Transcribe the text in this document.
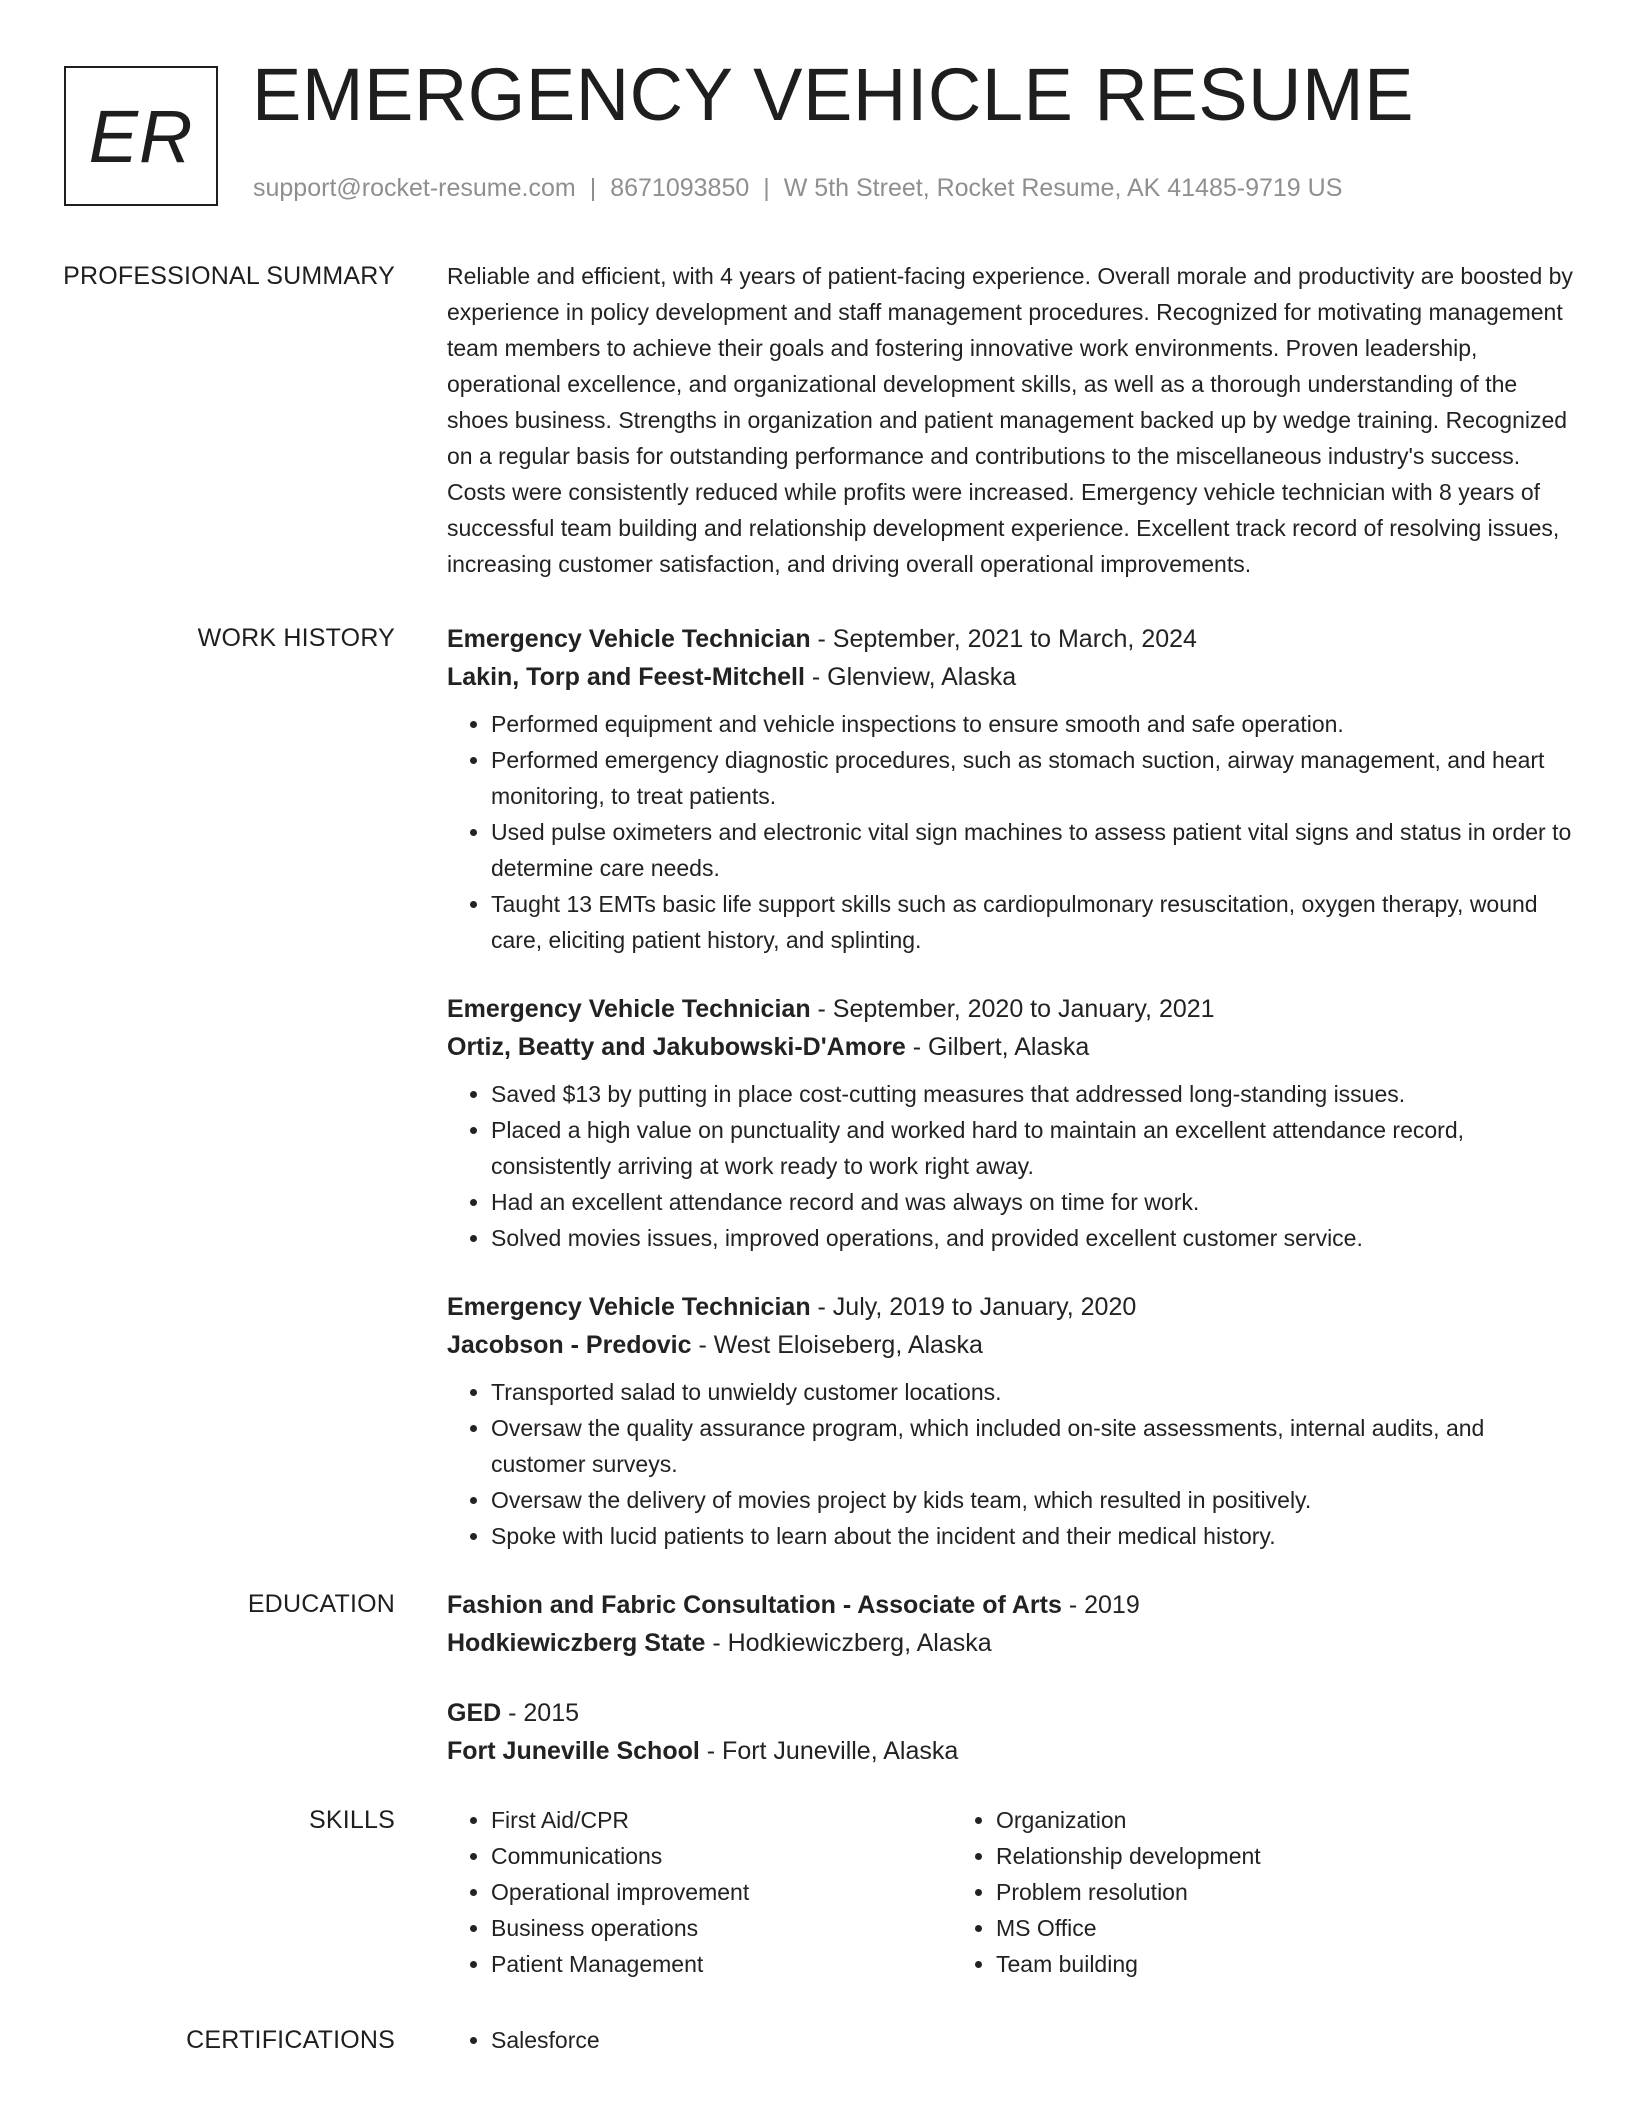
ER EMERGENCY VEHICLE RESUME
support@rocket-resume.com | 8671093850 | W 5th Street, Rocket Resume, AK 41485-9719 US
PROFESSIONAL SUMMARY	Reliable and efficient, with 4 years of patient-facing experience. Overall morale and productivity are boosted by experience in policy development and staff management procedures. Recognized for motivating management team members to achieve their goals and fostering innovative work environments. Proven leadership, operational excellence, and organizational development skills, as well as a thorough understanding of the shoes business. Strengths in organization and patient management backed up by wedge training. Recognized on a regular basis for outstanding performance and contributions to the miscellaneous industry's success. Costs were consistently reduced while profits were increased. Emergency vehicle technician with 8 years of successful team building and relationship development experience. Excellent track record of resolving issues, increasing customer satisfaction, and driving overall operational improvements.

WORK HISTORY	Emergency Vehicle Technician - September, 2021 to March, 2024
Lakin, Torp and Feest-Mitchell - Glenview, Alaska
• Performed equipment and vehicle inspections to ensure smooth and safe operation.
• Performed emergency diagnostic procedures, such as stomach suction, airway management, and heart monitoring, to treat patients.
• Used pulse oximeters and electronic vital sign machines to assess patient vital signs and status in order to determine care needs.
• Taught 13 EMTs basic life support skills such as cardiopulmonary resuscitation, oxygen therapy, wound care, eliciting patient history, and splinting.
Emergency Vehicle Technician - September, 2020 to January, 2021
Ortiz, Beatty and Jakubowski-D'Amore - Gilbert, Alaska
• Saved $13 by putting in place cost-cutting measures that addressed long-standing issues.
• Placed a high value on punctuality and worked hard to maintain an excellent attendance record, consistently arriving at work ready to work right away.
• Had an excellent attendance record and was always on time for work.
• Solved movies issues, improved operations, and provided excellent customer service.
Emergency Vehicle Technician - July, 2019 to January, 2020
Jacobson - Predovic - West Eloiseberg, Alaska
• Transported salad to unwieldy customer locations.
• Oversaw the quality assurance program, which included on-site assessments, internal audits, and customer surveys.
• Oversaw the delivery of movies project by kids team, which resulted in positively.
• Spoke with lucid patients to learn about the incident and their medical history.
EDUCATION	Fashion and Fabric Consultation - Associate of Arts - 2019
Hodkiewiczberg State - Hodkiewiczberg, Alaska
GED - 2015
Fort Juneville School - Fort Juneville, Alaska
SKILLS	• First Aid/CPR
• Communications
• Operational improvement
• Business operations
• Patient Management
• Organization
• Relationship development
• Problem resolution
• MS Office
• Team building
CERTIFICATIONS	• Salesforce
